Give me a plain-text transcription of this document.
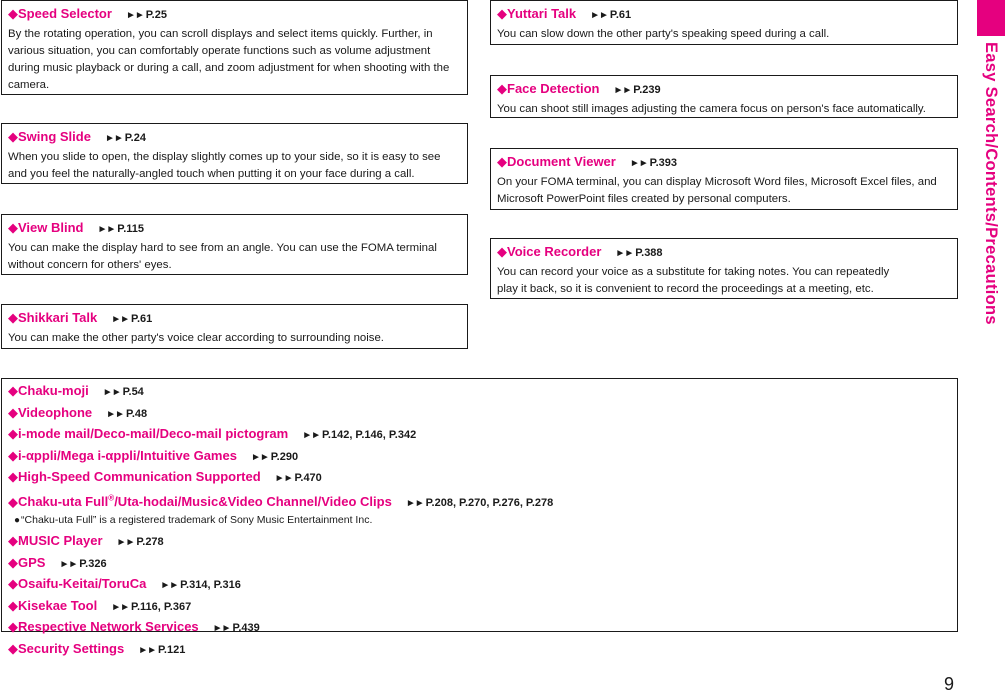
◆Speed Selector ►► P.25
By the rotating operation, you can scroll displays and select items quickly. Further, in various situation, you can comfortably operate functions such as volume adjustment during music playback or during a call, and zoom adjustment for when shooting with the camera.
◆Swing Slide ►► P.24
When you slide to open, the display slightly comes up to your side, so it is easy to see and you feel the naturally-angled touch when putting it on your face during a call.
◆View Blind ►► P.115
You can make the display hard to see from an angle. You can use the FOMA terminal without concern for others' eyes.
◆Shikkari Talk ►► P.61
You can make the other party's voice clear according to surrounding noise.
◆Yuttari Talk ►► P.61
You can slow down the other party's speaking speed during a call.
◆Face Detection ►► P.239
You can shoot still images adjusting the camera focus on person's face automatically.
◆Document Viewer ►► P.393
On your FOMA terminal, you can display Microsoft Word files, Microsoft Excel files, and Microsoft PowerPoint files created by personal computers.
◆Voice Recorder ►► P.388
You can record your voice as a substitute for taking notes. You can repeatedly play it back, so it is convenient to record the proceedings at a meeting, etc.
◆Chaku-moji ►► P.54
◆Videophone ►► P.48
◆i-mode mail/Deco-mail/Deco-mail pictogram ►► P.142, P.146, P.342
◆i-αppli/Mega i-αppli/Intuitive Games ►► P.290
◆High-Speed Communication Supported ►► P.470
◆Chaku-uta Full®/Uta-hodai/Music&Video Channel/Video Clips ►► P.208, P.270, P.276, P.278
●“Chaku-uta Full” is a registered trademark of Sony Music Entertainment Inc.
◆MUSIC Player ►► P.278
◆GPS ►► P.326
◆Osaifu-Keitai/ToruCa ►► P.314, P.316
◆Kisekae Tool ►► P.116, P.367
◆Respective Network Services ►► P.439
◆Security Settings ►► P.121
Easy Search/Contents/Precautions
9
